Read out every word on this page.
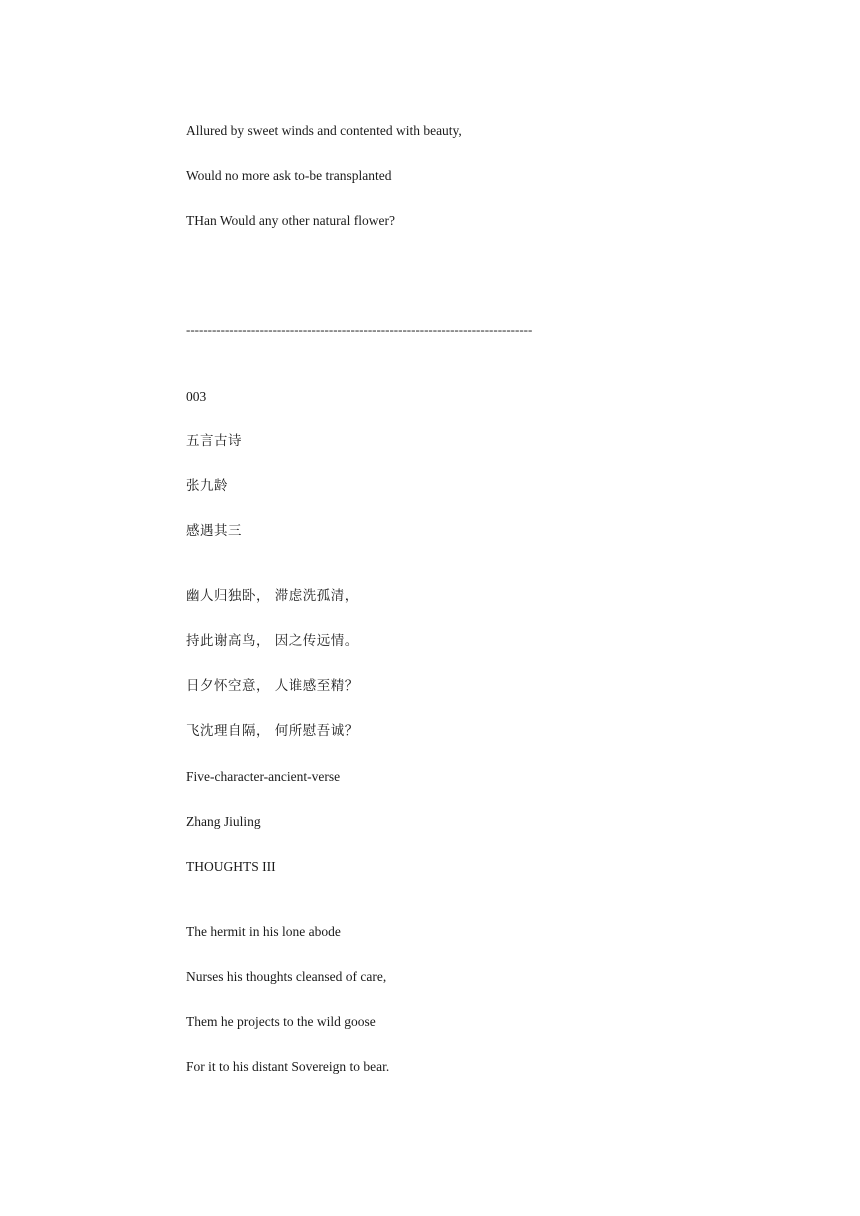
Allured by sweet winds and contented with beauty,
Would no more ask to-be transplanted
THan Would any other natural flower?
--------------------------------------------------------------------------------
003
五言古诗
张九龄
感遇其三
幽人归独卧， 滞虑洗孤清，
持此谢高鸟， 因之传远情。
日夕怀空意， 人谁感至精？
飞沈理自隔， 何所慰吾诚？
Five-character-ancient-verse
Zhang Jiuling
THOUGHTS III
The hermit in his lone abode
Nurses his thoughts cleansed of care,
Them he projects to the wild goose
For it to his distant Sovereign to bear.
